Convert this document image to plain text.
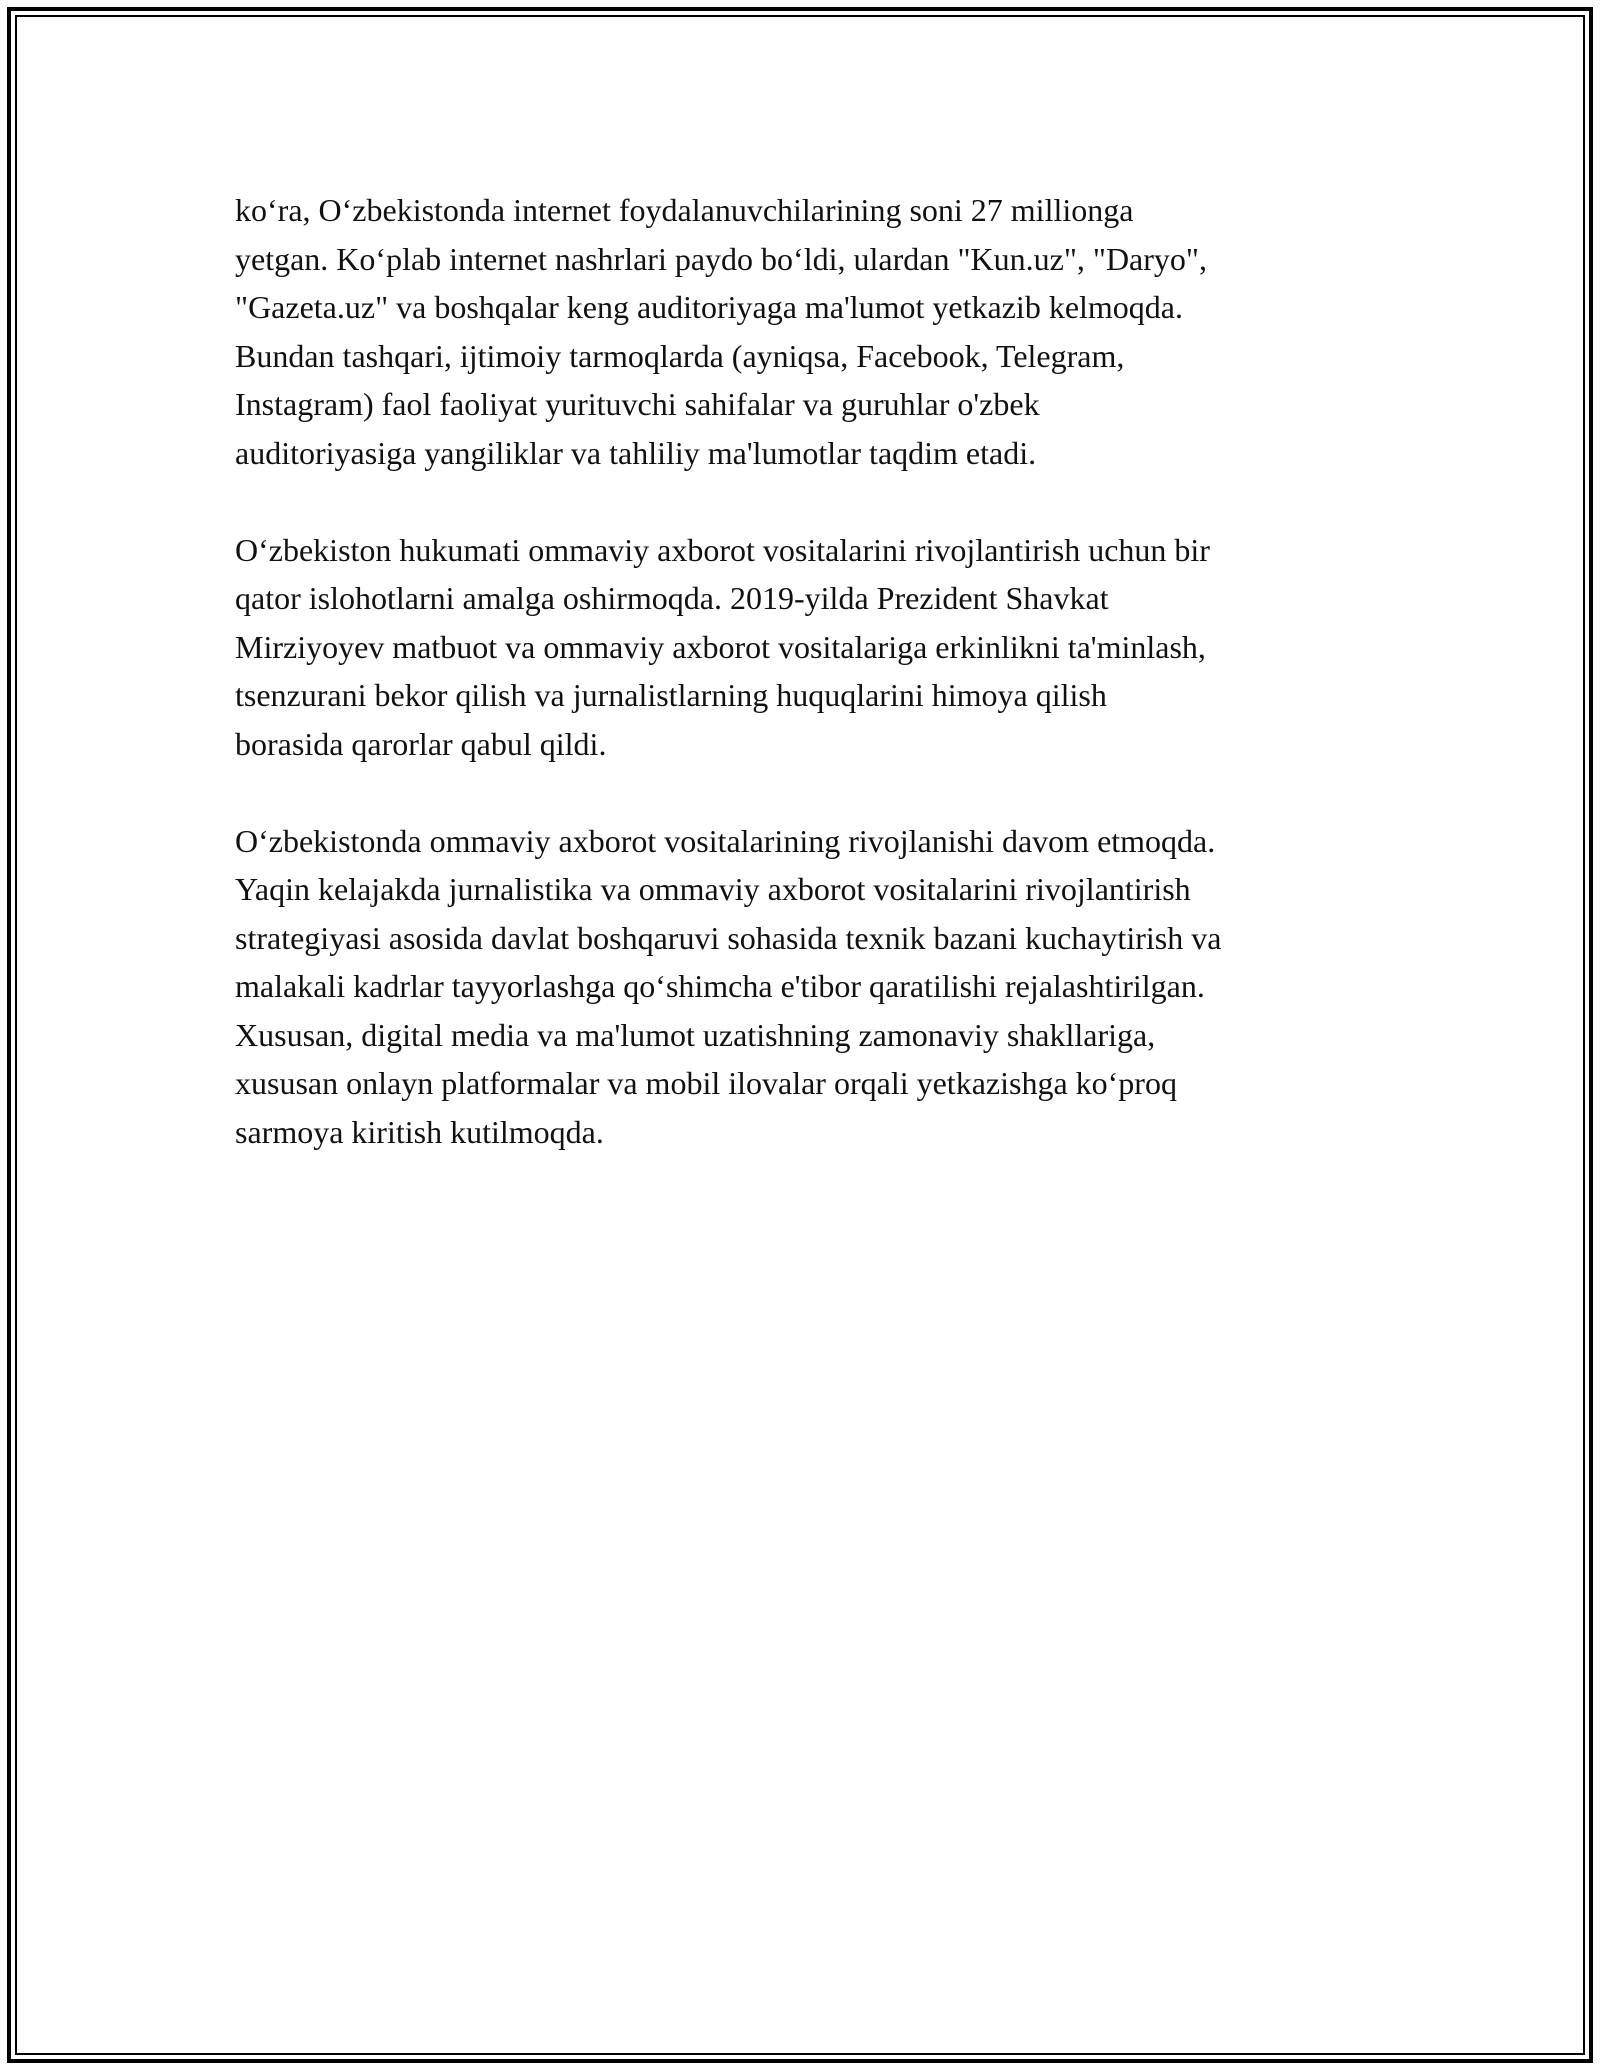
ko‘ra, O‘zbekistonda internet foydalanuvchilarining soni 27 millionga
yetgan. Ko‘plab internet nashrlari paydo bo‘ldi, ulardan "Kun.uz", "Daryo",
"Gazeta.uz" va boshqalar keng auditoriyaga ma'lumot yetkazib kelmoqda.
Bundan tashqari, ijtimoiy tarmoqlarda (ayniqsa, Facebook, Telegram,
Instagram) faol faoliyat yurituvchi sahifalar va guruhlar o'zbek
auditoriyasiga yangiliklar va tahliliy ma'lumotlar taqdim etadi.

O‘zbekiston hukumati ommaviy axborot vositalarini rivojlantirish uchun bir
qator islohotlarni amalga oshirmoqda. 2019-yilda Prezident Shavkat
Mirziyoyev matbuot va ommaviy axborot vositalariga erkinlikni ta'minlash,
tsenzurani bekor qilish va jurnalistlarning huquqlarini himoya qilish
borasida qarorlar qabul qildi.

O‘zbekistonda ommaviy axborot vositalarining rivojlanishi davom etmoqda.
Yaqin kelajakda jurnalistika va ommaviy axborot vositalarini rivojlantirish
strategiyasi asosida davlat boshqaruvi sohasida texnik bazani kuchaytirish va
malakali kadrlar tayyorlashga qo‘shimcha e'tibor qaratilishi rejalashtirilgan.
Xususan, digital media va ma'lumot uzatishning zamonaviy shakllariga,
xususan onlayn platformalar va mobil ilovalar orqali yetkazishga ko‘proq
sarmoya kiritish kutilmoqda.
